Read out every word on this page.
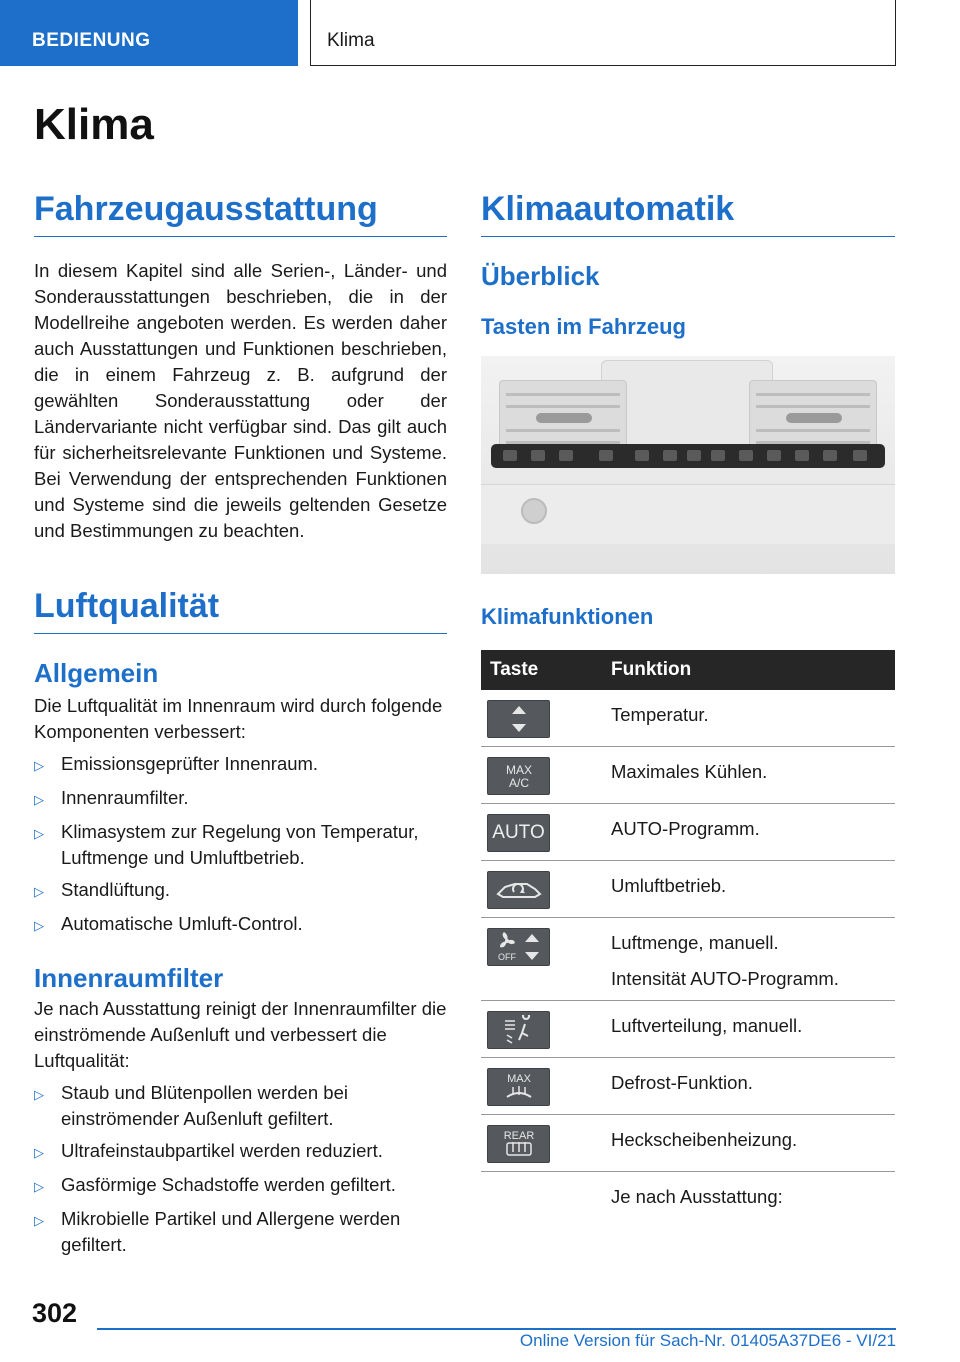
BEDIENUNG	Klima
Klima
Fahrzeugausstattung
In diesem Kapitel sind alle Serien-, Länder- und Sonderausstattungen beschrieben, die in der Modellreihe angeboten werden. Es werden daher auch Ausstattungen und Funktionen beschrieben, die in einem Fahrzeug z. B. aufgrund der gewählten Sonderausstattung oder der Ländervariante nicht verfügbar sind. Das gilt auch für sicherheitsrelevante Funktionen und Systeme. Bei Verwendung der entsprechenden Funktionen und Systeme sind die jeweils geltenden Gesetze und Bestimmungen zu beachten.
Luftqualität
Allgemein
Die Luftqualität im Innenraum wird durch folgende Komponenten verbessert:
▷ Emissionsgeprüfter Innenraum.
▷ Innenraumfilter.
▷ Klimasystem zur Regelung von Temperatur, Luftmenge und Umluftbetrieb.
▷ Standlüftung.
▷ Automatische Umluft-Control.
Innenraumfilter
Je nach Ausstattung reinigt der Innenraumfilter die einströmende Außenluft und verbessert die Luftqualität:
▷ Staub und Blütenpollen werden bei einströmender Außenluft gefiltert.
▷ Ultrafeinstaubpartikel werden reduziert.
▷ Gasförmige Schadstoffe werden gefiltert.
▷ Mikrobielle Partikel und Allergene werden gefiltert.
Klimaautomatik
Überblick
Tasten im Fahrzeug
Klimafunktionen
Taste	Funktion

	Temperatur.

MAX
A/C	Maximales Kühlen.

AUTO	AUTO-Programm.

	Umluftbetrieb.

OFF	Luftmenge, manuell.
Intensität AUTO-Programm.

	Luftverteilung, manuell.

MAX	Defrost-Funktion.

REAR	Heckscheibenheizung.
	Je nach Ausstattung:
302
Online Version für Sach-Nr. 01405A37DE6 - VI/21
